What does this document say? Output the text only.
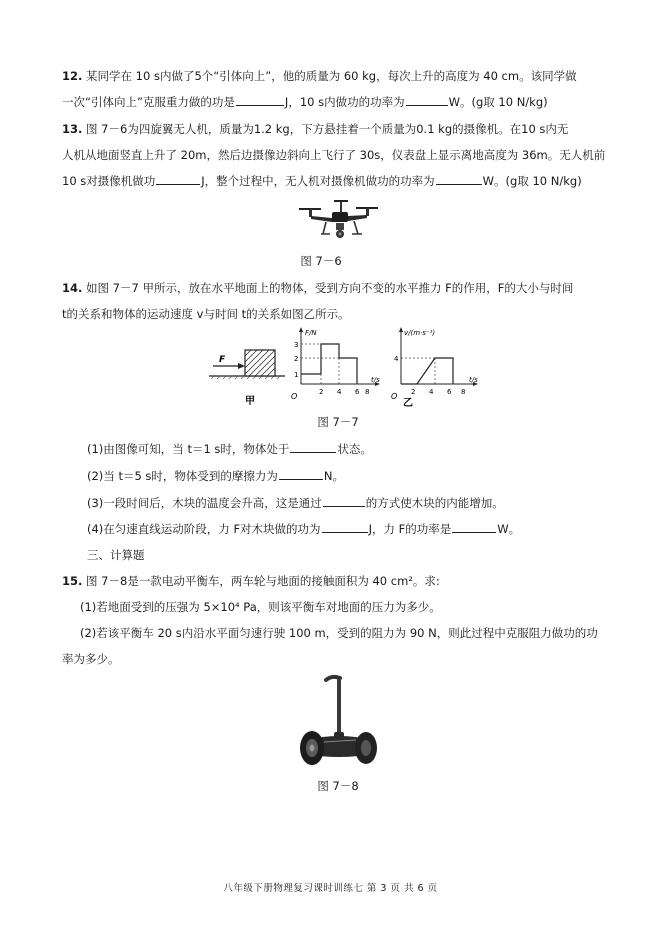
12. 某同学在 10 s内做了5个“引体向上”，他的质量为 60 kg，每次上升的高度为 40 cm。该同学做
一次“引体向上”克服重力做的功是	J，10 s内做功的功率为	W。(g取 10 N/kg)
13. 图 7－6为四旋翼无人机，质量为1.2 kg，下方悬挂着一个质量为0.1 kg的摄像机。在10 s内无
人机从地面竖直上升了 20m，然后边摄像边斜向上飞行了 30s，仪表盘上显示离地高度为 36m。无人机前
10 s对摄像机做功	J，整个过程中，无人机对摄像机做功的功率为	W。(g取 10 N/kg)
图 7－6
14. 如图 7－7 甲所示，放在水平地面上的物体，受到方向不变的水平推力 F的作用，F的大小与时间
t的关系和物体的运动速度 v与时间 t的关系如图乙所示。
F
甲
F/N
t/s
O
1
2
3
2 4 6 8
v/(m·s⁻¹)
t/s
O
4
2 4 6 8
乙
图 7－7
(1)由图像可知，当 t＝1 s时，物体处于	状态。
(2)当 t＝5 s时，物体受到的摩擦力为	N。
(3)一段时间后，木块的温度会升高，这是通过	的方式使木块的内能增加。
(4)在匀速直线运动阶段，力 F对木块做的功为	J，力 F的功率是	W。
三、计算题
15. 图 7－8是一款电动平衡车，两车轮与地面的接触面积为 40 cm²。求:
(1)若地面受到的压强为 5×10⁴ Pa，则该平衡车对地面的压力为多少。
(2)若该平衡车 20 s内沿水平面匀速行驶 100 m，受到的阻力为 90 N，则此过程中克服阻力做功的功
率为多少。
图 7－8
八年级下册物理复习课时训练七 第 3 页 共 6 页
